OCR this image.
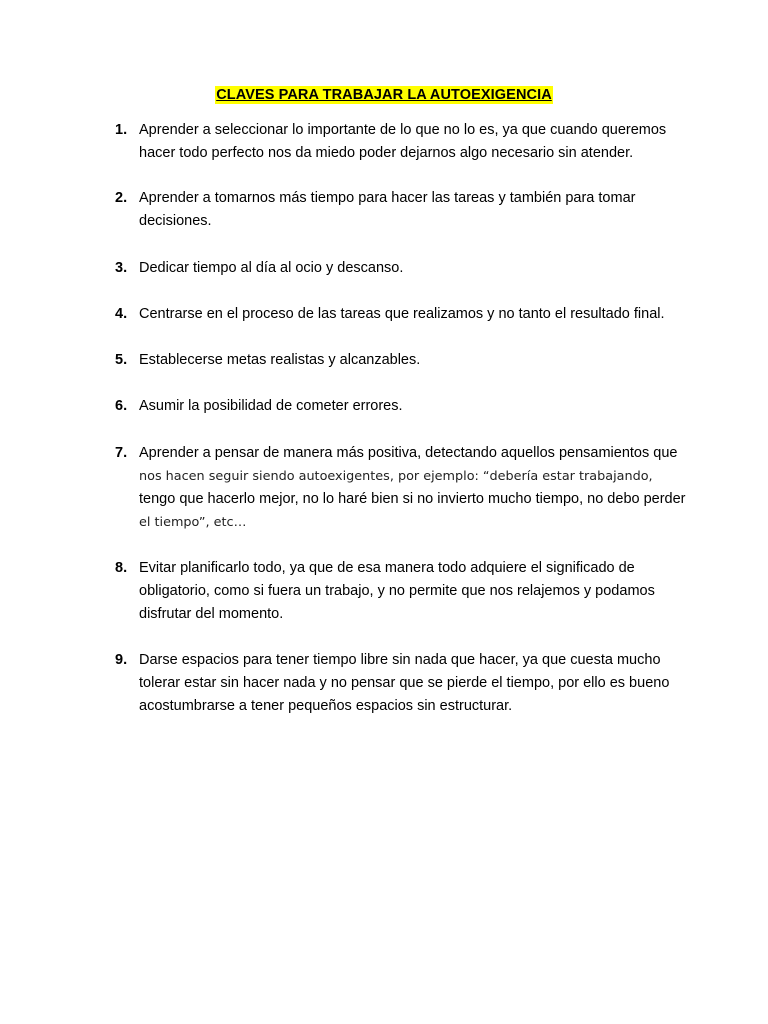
CLAVES PARA TRABAJAR LA AUTOEXIGENCIA
1. Aprender a seleccionar lo importante de lo que no lo es, ya que cuando queremos
hacer todo perfecto nos da miedo poder dejarnos algo necesario sin atender.
2. Aprender a tomarnos más tiempo para hacer las tareas y también para tomar
decisiones.
3. Dedicar tiempo al día al ocio y descanso.
4. Centrarse en el proceso de las tareas que realizamos y no tanto el resultado final.
5. Establecerse metas realistas y alcanzables.
6. Asumir la posibilidad de cometer errores.
7. Aprender a pensar de manera más positiva, detectando aquellos pensamientos que
nos hacen seguir siendo autoexigentes, por ejemplo: “debería estar trabajando,
tengo que hacerlo mejor, no lo haré bien si no invierto mucho tiempo, no debo perder
el tiempo”, etc…
8. Evitar planificarlo todo, ya que de esa manera todo adquiere el significado de
obligatorio, como si fuera un trabajo, y no permite que nos relajemos y podamos
disfrutar del momento.
9. Darse espacios para tener tiempo libre sin nada que hacer, ya que cuesta mucho
tolerar estar sin hacer nada y no pensar que se pierde el tiempo, por ello es bueno
acostumbrarse a tener pequeños espacios sin estructurar.
